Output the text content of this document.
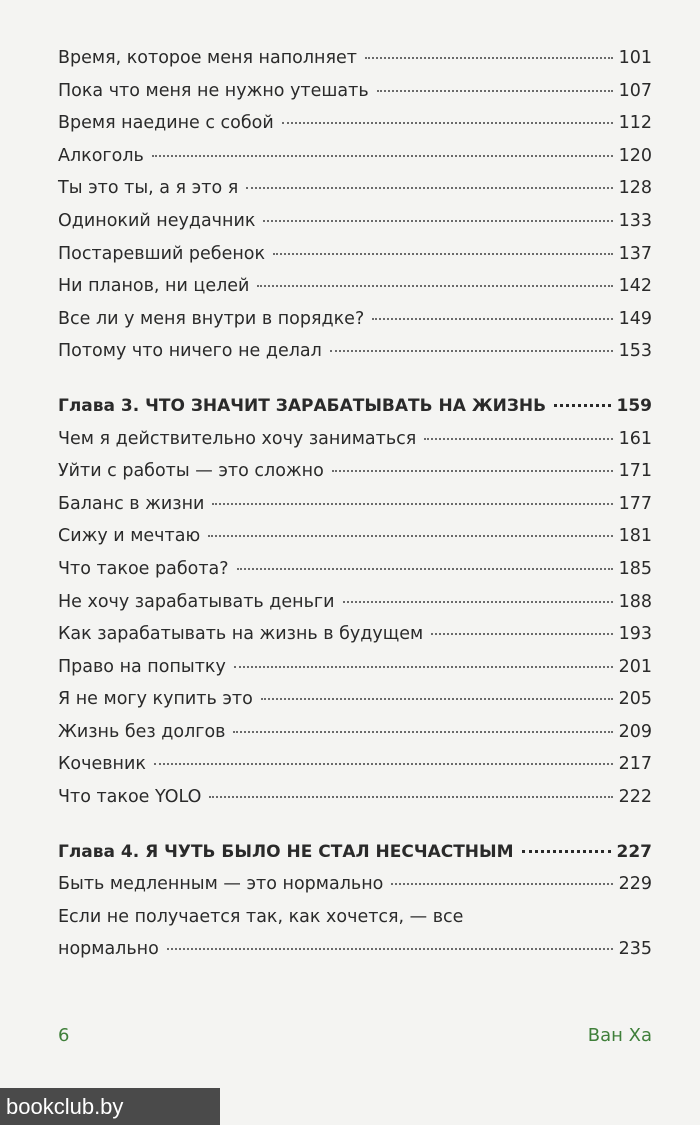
Время, которое меня наполняет	101
Пока что меня не нужно утешать	107
Время наедине с собой	112
Алкоголь	120
Ты это ты, а я это я	128
Одинокий неудачник	133
Постаревший ребенок	137
Ни планов, ни целей	142
Все ли у меня внутри в порядке?	149
Потому что ничего не делал	153
Глава 3. ЧТО ЗНАЧИТ ЗАРАБАТЫВАТЬ НА ЖИЗНЬ	159
Чем я действительно хочу заниматься	161
Уйти с работы — это сложно	171
Баланс в жизни	177
Сижу и мечтаю	181
Что такое работа?	185
Не хочу зарабатывать деньги	188
Как зарабатывать на жизнь в будущем	193
Право на попытку	201
Я не могу купить это	205
Жизнь без долгов	209
Кочевник	217
Что такое YOLO	222
Глава 4. Я ЧУТЬ БЫЛО НЕ СТАЛ НЕСЧАСТНЫМ	227
Быть медленным — это нормально	229
Если не получается так, как хочется, — все
нормально	235
6	Ван Ха
bookclub.by
